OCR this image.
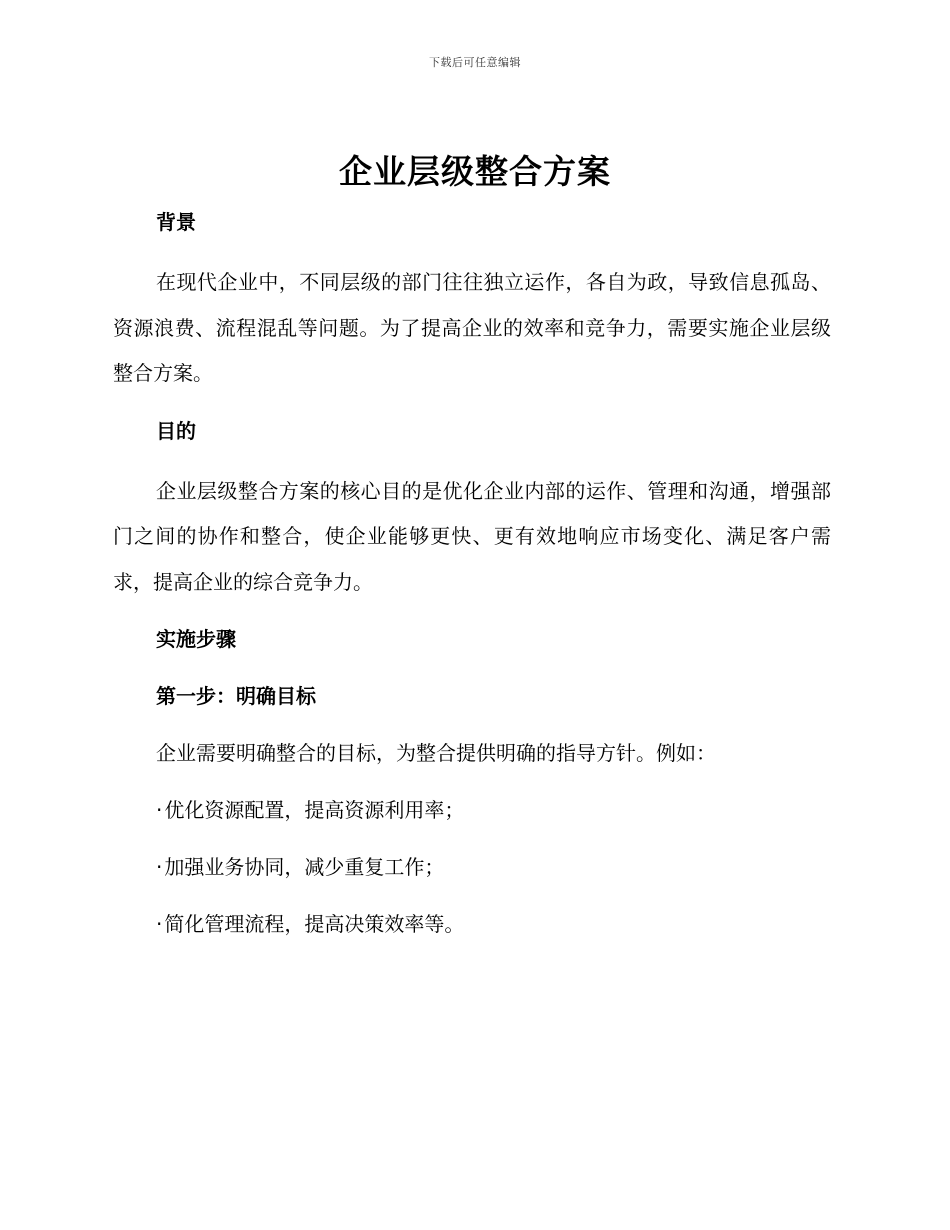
下载后可任意编辑
企业层级整合方案
背景
在现代企业中，不同层级的部门往往独立运作，各自为政，导致信息孤岛、资源浪费、流程混乱等问题。为了提高企业的效率和竞争力，需要实施企业层级整合方案。
目的
企业层级整合方案的核心目的是优化企业内部的运作、管理和沟通，增强部门之间的协作和整合，使企业能够更快、更有效地响应市场变化、满足客户需求，提高企业的综合竞争力。
实施步骤
第一步：明确目标
企业需要明确整合的目标，为整合提供明确的指导方针。例如：
· 优化资源配置，提高资源利用率；
· 加强业务协同，减少重复工作；
· 简化管理流程，提高决策效率等。
